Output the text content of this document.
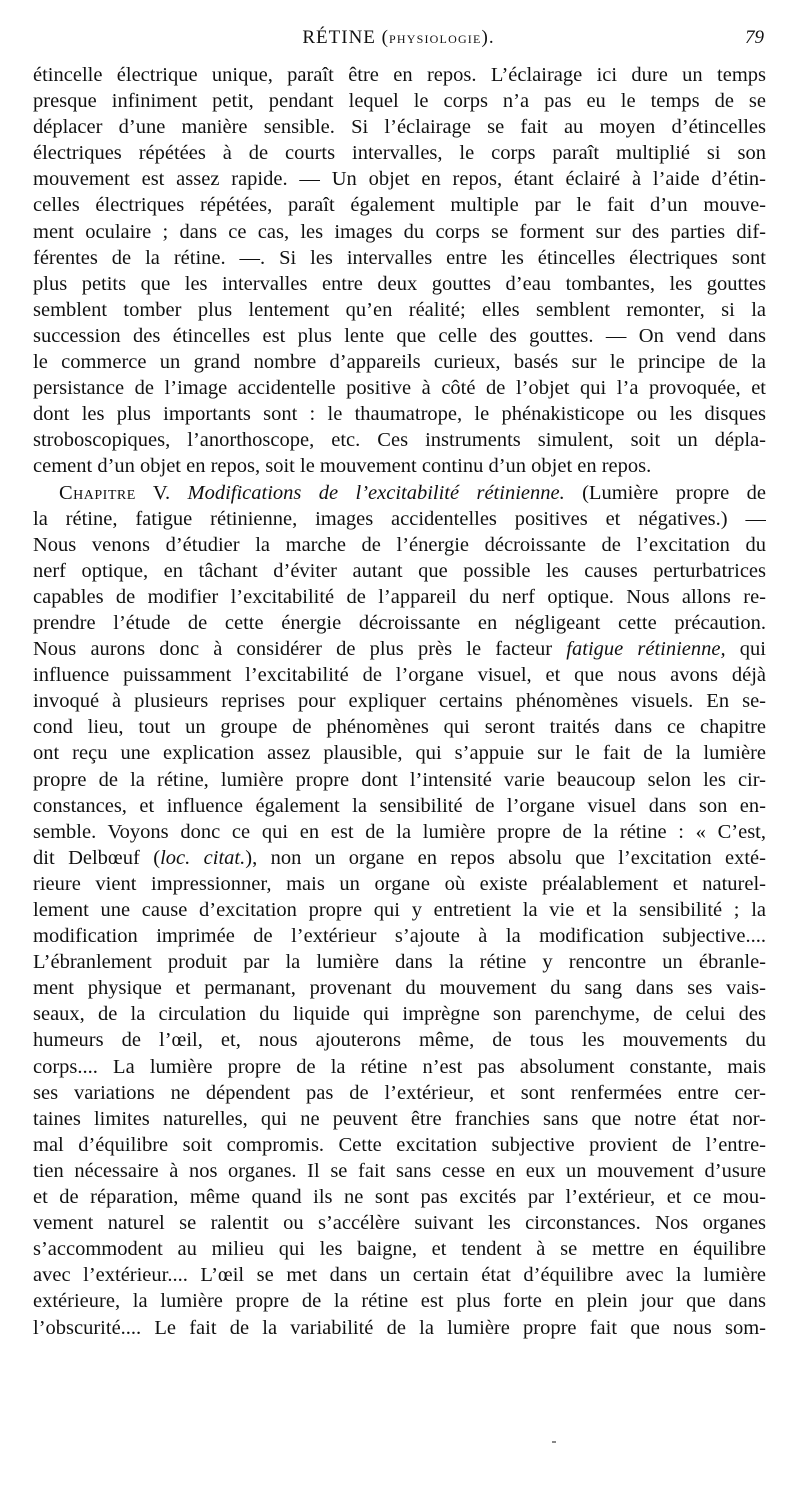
RÉTINE (PHYSIOLOGIE).	79
étincelle électrique unique, paraît être en repos. L’éclairage ici dure un temps
presque infiniment petit, pendant lequel le corps n’a pas eu le temps de se
déplacer d’une manière sensible. Si l’éclairage se fait au moyen d’étincelles
électriques répétées à de courts intervalles, le corps paraît multiplié si son
mouvement est assez rapide. — Un objet en repos, étant éclairé à l’aide d’étin-
celles électriques répétées, paraît également multiple par le fait d’un mouve-
ment oculaire ; dans ce cas, les images du corps se forment sur des parties dif-
férentes de la rétine. —. Si les intervalles entre les étincelles électriques sont
plus petits que les intervalles entre deux gouttes d’eau tombantes, les gouttes
semblent tomber plus lentement qu’en réalité; elles semblent remonter, si la
succession des étincelles est plus lente que celle des gouttes. — On vend dans
le commerce un grand nombre d’appareils curieux, basés sur le principe de la
persistance de l’image accidentelle positive à côté de l’objet qui l’a provoquée, et
dont les plus importants sont : le thaumatrope, le phénakisticope ou les disques
stroboscopiques, l’anorthoscope, etc. Ces instruments simulent, soit un dépla-
cement d’un objet en repos, soit le mouvement continu d’un objet en repos.
Chapitre V. Modifications de l’excitabilité rétinienne. (Lumière propre de
la rétine, fatigue rétinienne, images accidentelles positives et négatives.) —
Nous venons d’étudier la marche de l’énergie décroissante de l’excitation du
nerf optique, en tâchant d’éviter autant que possible les causes perturbatrices
capables de modifier l’excitabilité de l’appareil du nerf optique. Nous allons re-
prendre l’étude de cette énergie décroissante en négligeant cette précaution.
Nous aurons donc à considérer de plus près le facteur fatigue rétinienne, qui
influence puissamment l’excitabilité de l’organe visuel, et que nous avons déjà
invoqué à plusieurs reprises pour expliquer certains phénomènes visuels. En se-
cond lieu, tout un groupe de phénomènes qui seront traités dans ce chapitre
ont reçu une explication assez plausible, qui s’appuie sur le fait de la lumière
propre de la rétine, lumière propre dont l’intensité varie beaucoup selon les cir-
constances, et influence également la sensibilité de l’organe visuel dans son en-
semble. Voyons donc ce qui en est de la lumière propre de la rétine : « C’est,
dit Delbœuf (loc. citat.), non un organe en repos absolu que l’excitation exté-
rieure vient impressionner, mais un organe où existe préalablement et naturel-
lement une cause d’excitation propre qui y entretient la vie et la sensibilité ; la
modification imprimée de l’extérieur s’ajoute à la modification subjective....
L’ébranlement produit par la lumière dans la rétine y rencontre un ébranle-
ment physique et permanant, provenant du mouvement du sang dans ses vais-
seaux, de la circulation du liquide qui imprègne son parenchyme, de celui des
humeurs de l’œil, et, nous ajouterons même, de tous les mouvements du
corps.... La lumière propre de la rétine n’est pas absolument constante, mais
ses variations ne dépendent pas de l’extérieur, et sont renfermées entre cer-
taines limites naturelles, qui ne peuvent être franchies sans que notre état nor-
mal d’équilibre soit compromis. Cette excitation subjective provient de l’entre-
tien nécessaire à nos organes. Il se fait sans cesse en eux un mouvement d’usure
et de réparation, même quand ils ne sont pas excités par l’extérieur, et ce mou-
vement naturel se ralentit ou s’accélère suivant les circonstances. Nos organes
s’accommodent au milieu qui les baigne, et tendent à se mettre en équilibre
avec l’extérieur.... L’œil se met dans un certain état d’équilibre avec la lumière
extérieure, la lumière propre de la rétine est plus forte en plein jour que dans
l’obscurité.... Le fait de la variabilité de la lumière propre fait que nous som-
